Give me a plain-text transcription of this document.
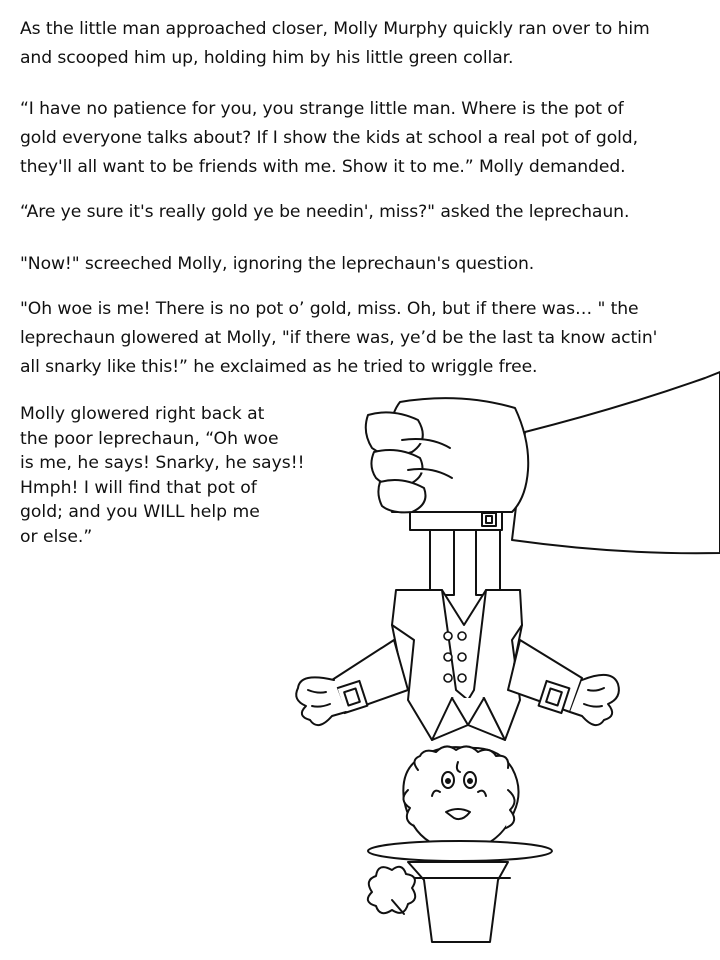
As the little man approached closer, Molly Murphy quickly ran over to him
and scooped him up, holding him by his little green collar.
“I have no patience for you, you strange little man. Where is the pot of
gold everyone talks about? If I show the kids at school a real pot of gold,
they'll all want to be friends with me. Show it to me.” Molly demanded.
“Are ye sure it's really gold ye be needin', miss?" asked the leprechaun.
"Now!" screeched Molly, ignoring the leprechaun's question.
"Oh woe is me! There is no pot o’ gold, miss. Oh, but if there was… " the
leprechaun glowered at Molly, "if there was, ye’d be the last ta know actin'
all snarky like this!” he exclaimed as he tried to wriggle free.
Molly glowered right back at
the poor leprechaun, “Oh woe
is me, he says! Snarky, he says!!
Hmph! I will find that pot of
gold; and you WILL help me
or else.”
